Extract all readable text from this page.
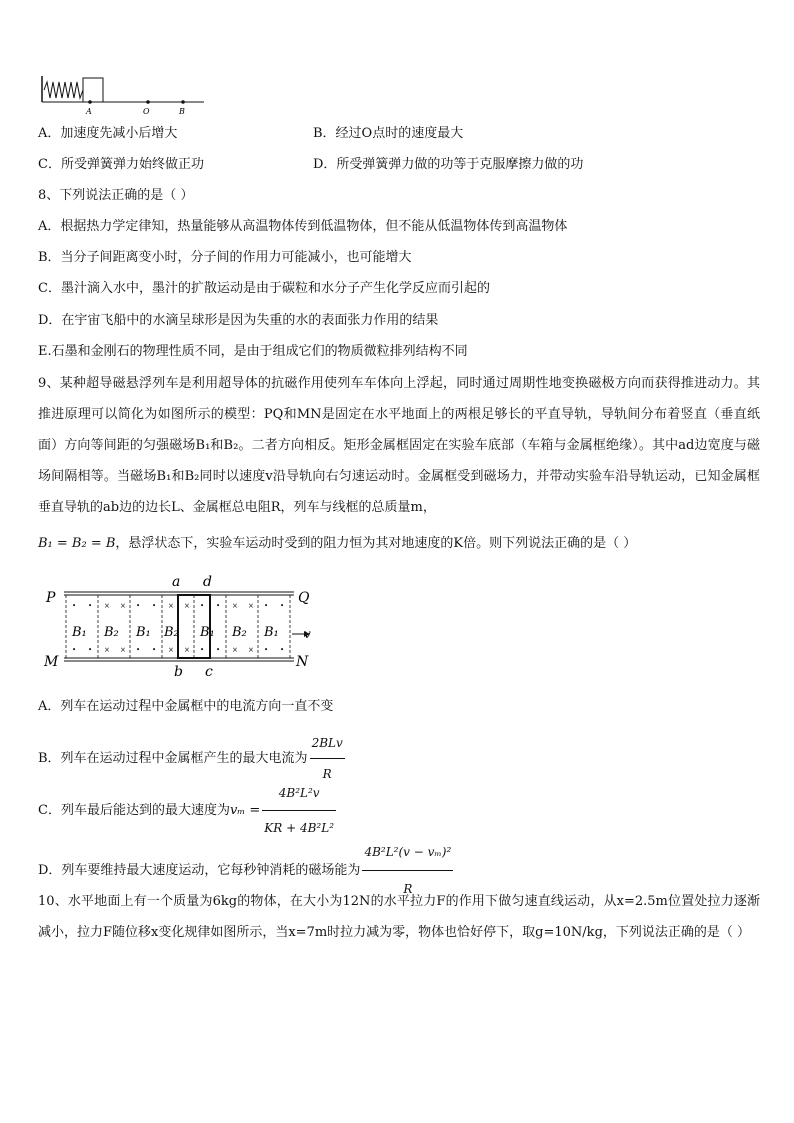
A	O	B
A．加速度先减小后增大	B．经过O点时的速度最大
C．所受弹簧弹力始终做正功	D．所受弹簧弹力做的功等于克服摩擦力做的功
8、下列说法正确的是（ ）
A．根据热力学定律知，热量能够从高温物体传到低温物体，但不能从低温物体传到高温物体
B．当分子间距离变小时，分子间的作用力可能减小，也可能增大
C．墨汁滴入水中，墨汁的扩散运动是由于碳粒和水分子产生化学反应而引起的
D．在宇宙飞船中的水滴呈球形是因为失重的水的表面张力作用的结果
E.石墨和金刚石的物理性质不同，是由于组成它们的物质微粒排列结构不同
9、某种超导磁悬浮列车是利用超导体的抗磁作用使列车车体向上浮起，同时通过周期性地变换磁极方向而获得推进动力。其推进原理可以简化为如图所示的模型：PQ和MN是固定在水平地面上的两根足够长的平直导轨，导轨间分布着竖直（垂直纸面）方向等间距的匀强磁场B₁和B₂。二者方向相反。矩形金属框固定在实验车底部（车箱与金属框绝缘）。其中ad边宽度与磁场间隔相等。当磁场B₁和B₂同时以速度v沿导轨向右匀速运动时。金属框受到磁场力，并带动实验车沿导轨运动，已知金属框垂直导轨的ab边的边长L、金属框总电阻R，列车与线框的总质量m，
B₁ = B₂ = B，悬浮状态下，实验车运动时受到的阻力恒为其对地速度的K倍。则下列说法正确的是（ ）
P	Q
M	N
a d
b c
• •
• •
× ×
× ×
• •
• •
× ×
× ×
• •
• •
× ×
× ×
• •
• •
B₁ B₂ B₁ B₂ B₁ B₂ B₁
A．列车在运动过程中金属框中的电流方向一直不变
B．列车在运动过程中金属框产生的最大电流为 $\frac{\text{2BLv}}{R}$
C．列车最后能达到的最大速度为$v_m = \frac{\text{4B²L²v}}{\text{KR + 4B²L²}}$
D．列车要维持最大速度运动，它每秒钟消耗的磁场能为 $\frac{\text{4B²L²(v − vₘ)²}}{R}$
10、水平地面上有一个质量为6kg的物体，在大小为12N的水平拉力F的作用下做匀速直线运动，从x=2.5m位置处拉力逐渐减小，拉力F随位移x变化规律如图所示，当x=7m时拉力减为零，物体也恰好停下，取g=10N/kg，下列说法正确的是（ ）
